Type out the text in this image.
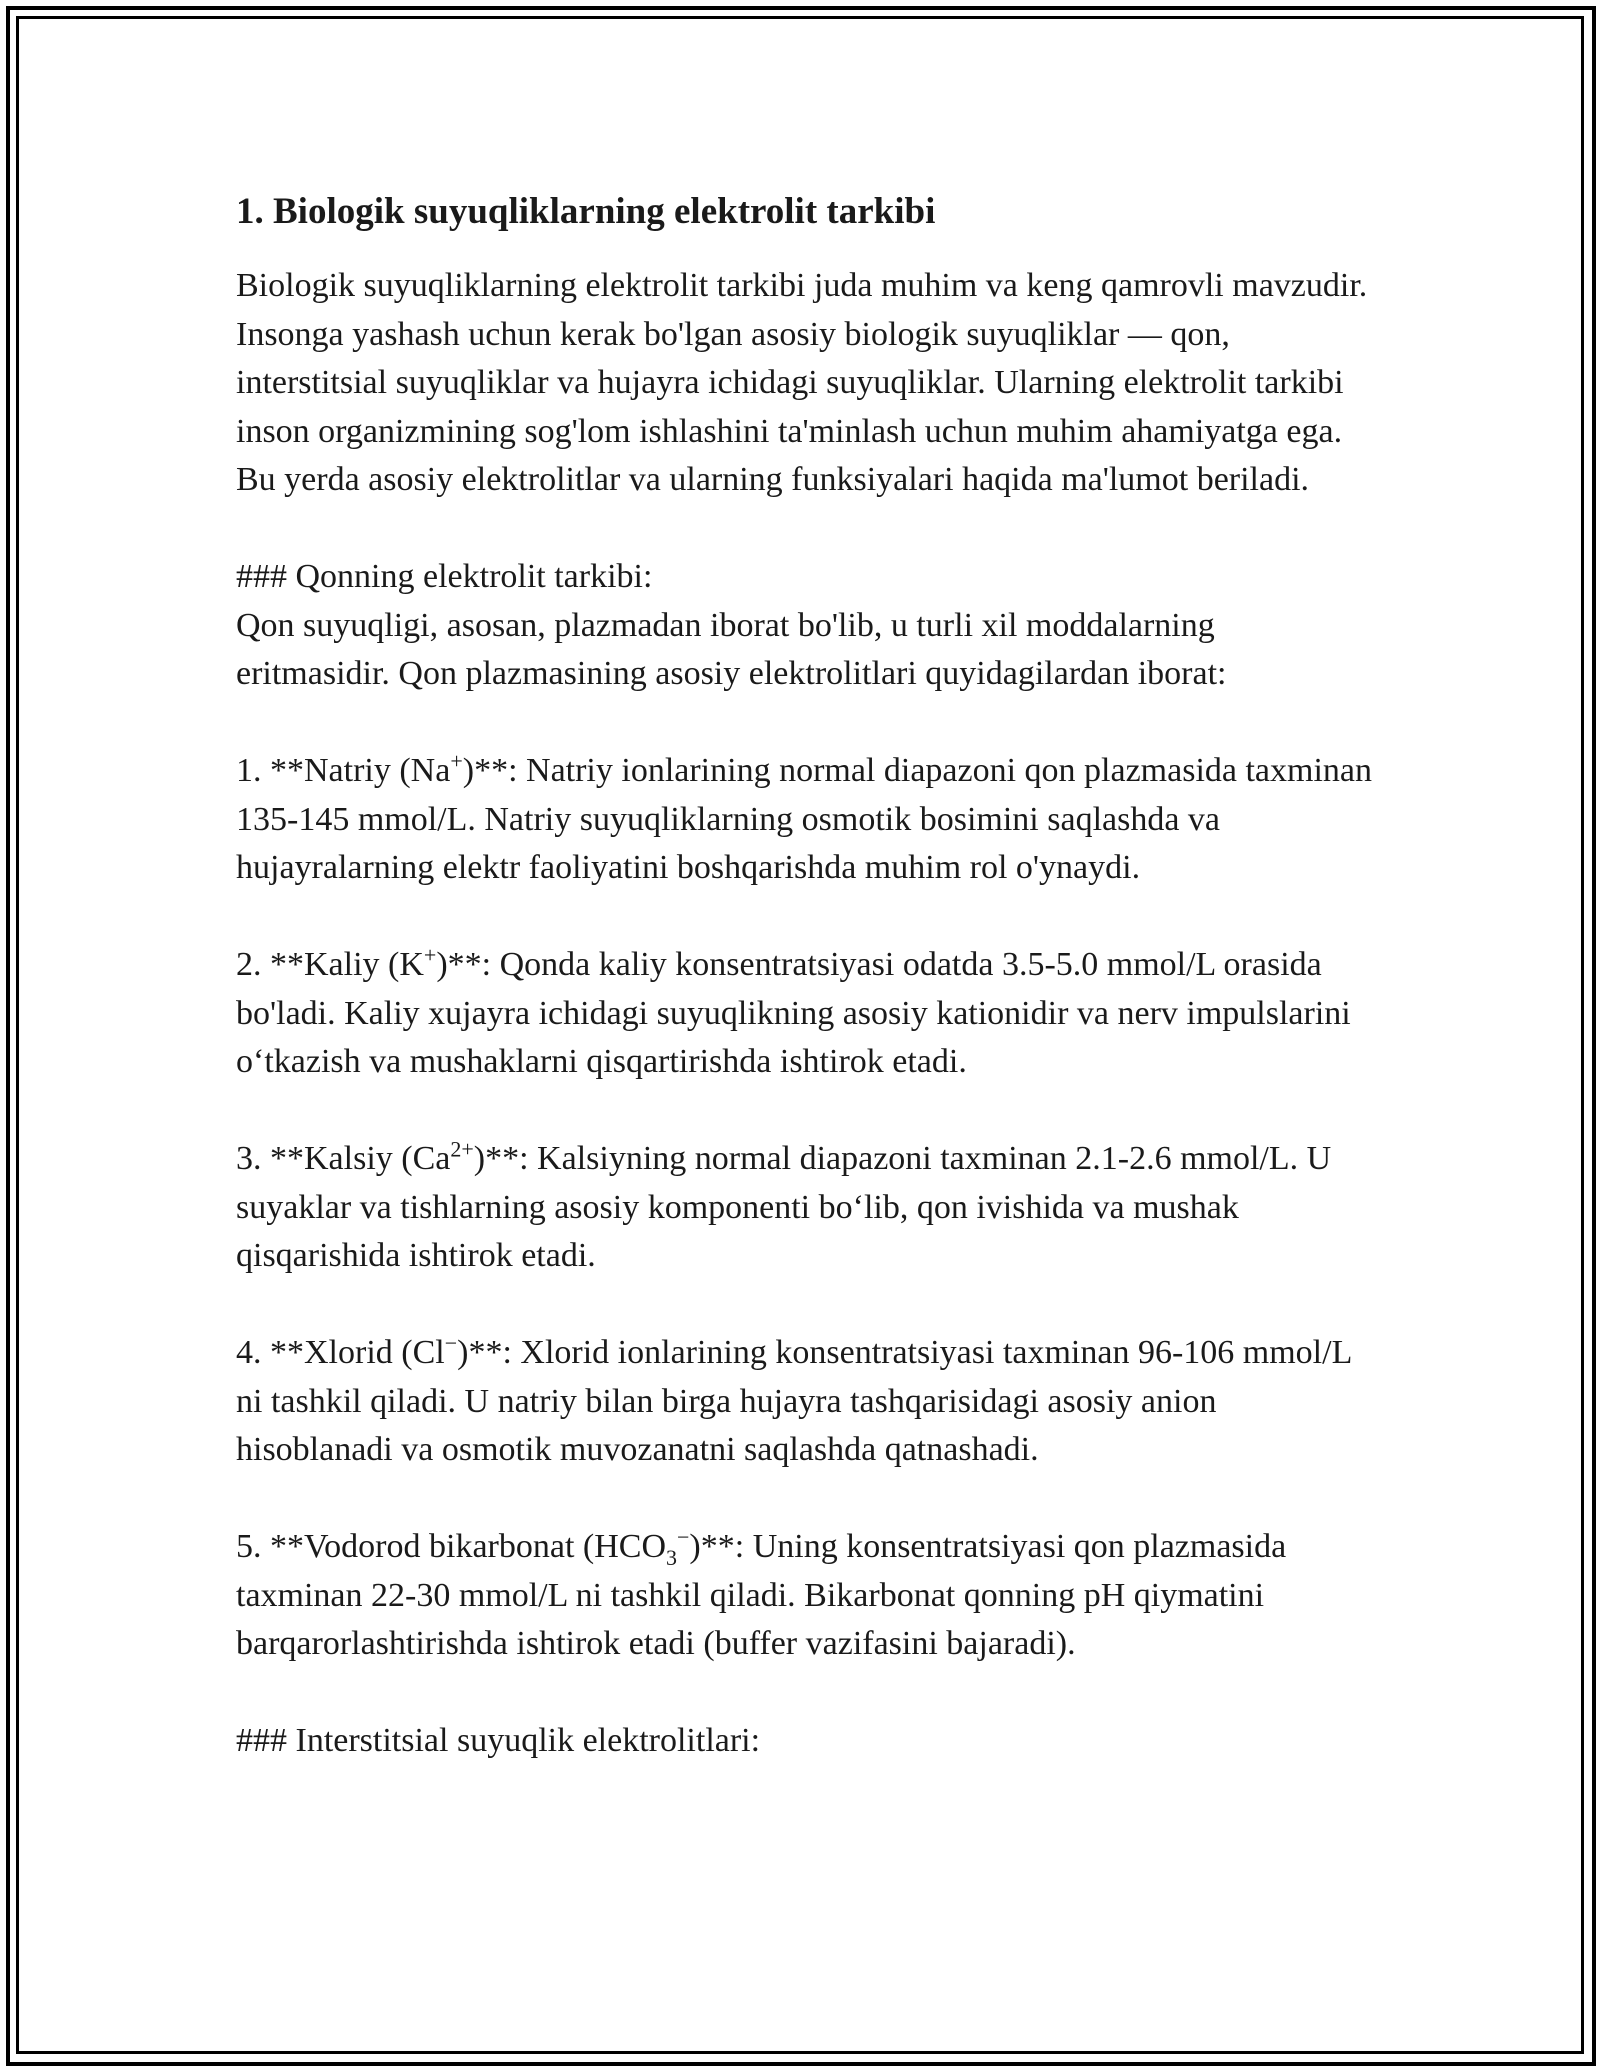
1. Biologik suyuqliklarning elektrolit tarkibi

Biologik suyuqliklarning elektrolit tarkibi juda muhim va keng qamrovli mavzudir. Insonga yashash uchun kerak bo'lgan asosiy biologik suyuqliklar — qon, interstitsial suyuqliklar va hujayra ichidagi suyuqliklar. Ularning elektrolit tarkibi inson organizmining sog'lom ishlashini ta'minlash uchun muhim ahamiyatga ega. Bu yerda asosiy elektrolitlar va ularning funksiyalari haqida ma'lumot beriladi.

### Qonning elektrolit tarkibi:

Qon suyuqligi, asosan, plazmadan iborat bo'lib, u turli xil moddalarning eritmasidir. Qon plazmasining asosiy elektrolitlari quyidagilardan iborat:

1. **Natriy (Na+)**: Natriy ionlarining normal diapazoni qon plazmasida taxminan 135-145 mmol/L. Natriy suyuqliklarning osmotik bosimini saqlashda va hujayralarning elektr faoliyatini boshqarishda muhim rol o'ynaydi.

2. **Kaliy (K+)**: Qonda kaliy konsentratsiyasi odatda 3.5-5.0 mmol/L orasida bo'ladi. Kaliy xujayra ichidagi suyuqlikning asosiy kationidir va nerv impulslarini oʻtkazish va mushaklarni qisqartirishda ishtirok etadi.

3. **Kalsiy $(Ca^{2+})**$: Kalsiyning normal diapazoni taxminan 2.1-2.6 mmol/L. U suyaklar va tishlarning asosiy komponenti boʻlib, qon ivishida va mushak qisqarishida ishtirok etadi.

4. **Xlorid (Cl−)**: Xlorid ionlarining konsentratsiyasi taxminan 96-106 mmol/L ni tashkil qiladi. U natriy bilan birga hujayra tashqarisidagi asosiy anion hisoblanadi va osmotik muvozanatni saqlashda qatnashadi.

5. **Vodorod bikarbonat $(HCO_3^-)**$: Uning konsentratsiyasi qon plazmasida taxminan 22-30 mmol/L ni tashkil qiladi. Bikarbonat qonning pH qiymatini barqarorlashtirishda ishtirok etadi (buffer vazifasini bajaradi).

### Interstitsial suyuqlik elektrolitlari:
